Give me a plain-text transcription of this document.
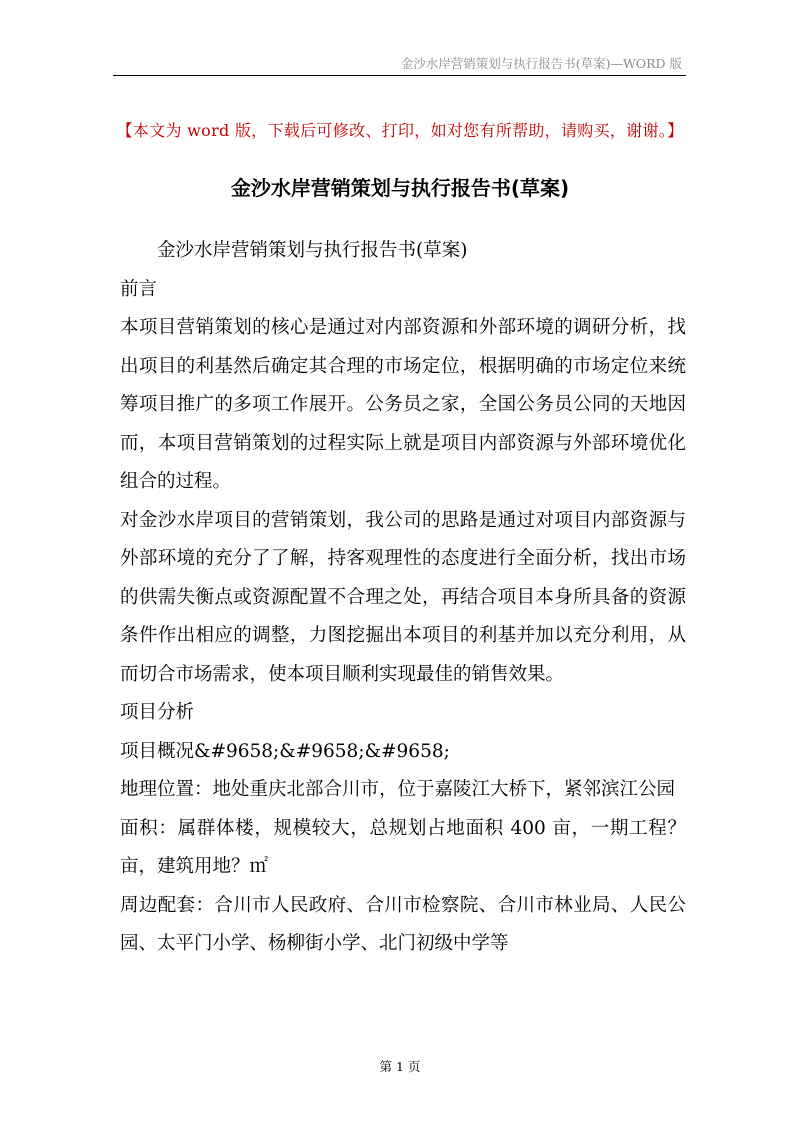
金沙水岸营销策划与执行报告书(草案)—WORD 版
【本文为 word 版，下载后可修改、打印，如对您有所帮助，请购买，谢谢。】
金沙水岸营销策划与执行报告书(草案)

金沙水岸营销策划与执行报告书(草案)

前言

本项目营销策划的核心是通过对内部资源和外部环境的调研分析，找出项目的利基然后确定其合理的市场定位，根据明确的市场定位来统筹项目推广的多项工作展开。公务员之家，全国公务员公同的天地因而，本项目营销策划的过程实际上就是项目内部资源与外部环境优化组合的过程。

对金沙水岸项目的营销策划，我公司的思路是通过对项目内部资源与外部环境的充分了了解，持客观理性的态度进行全面分析，找出市场的供需失衡点或资源配置不合理之处，再结合项目本身所具备的资源条件作出相应的调整，力图挖掘出本项目的利基并加以充分利用，从而切合市场需求，使本项目顺利实现最佳的销售效果。

项目分析

项目概况&#9658;&#9658;&#9658;

地理位置：地处重庆北部合川市，位于嘉陵江大桥下，紧邻滨江公园

面积：属群体楼，规模较大，总规划占地面积 400 亩，一期工程？亩，建筑用地？㎡

周边配套：合川市人民政府、合川市检察院、合川市林业局、人民公园、太平门小学、杨柳街小学、北门初级中学等

第 1 页
